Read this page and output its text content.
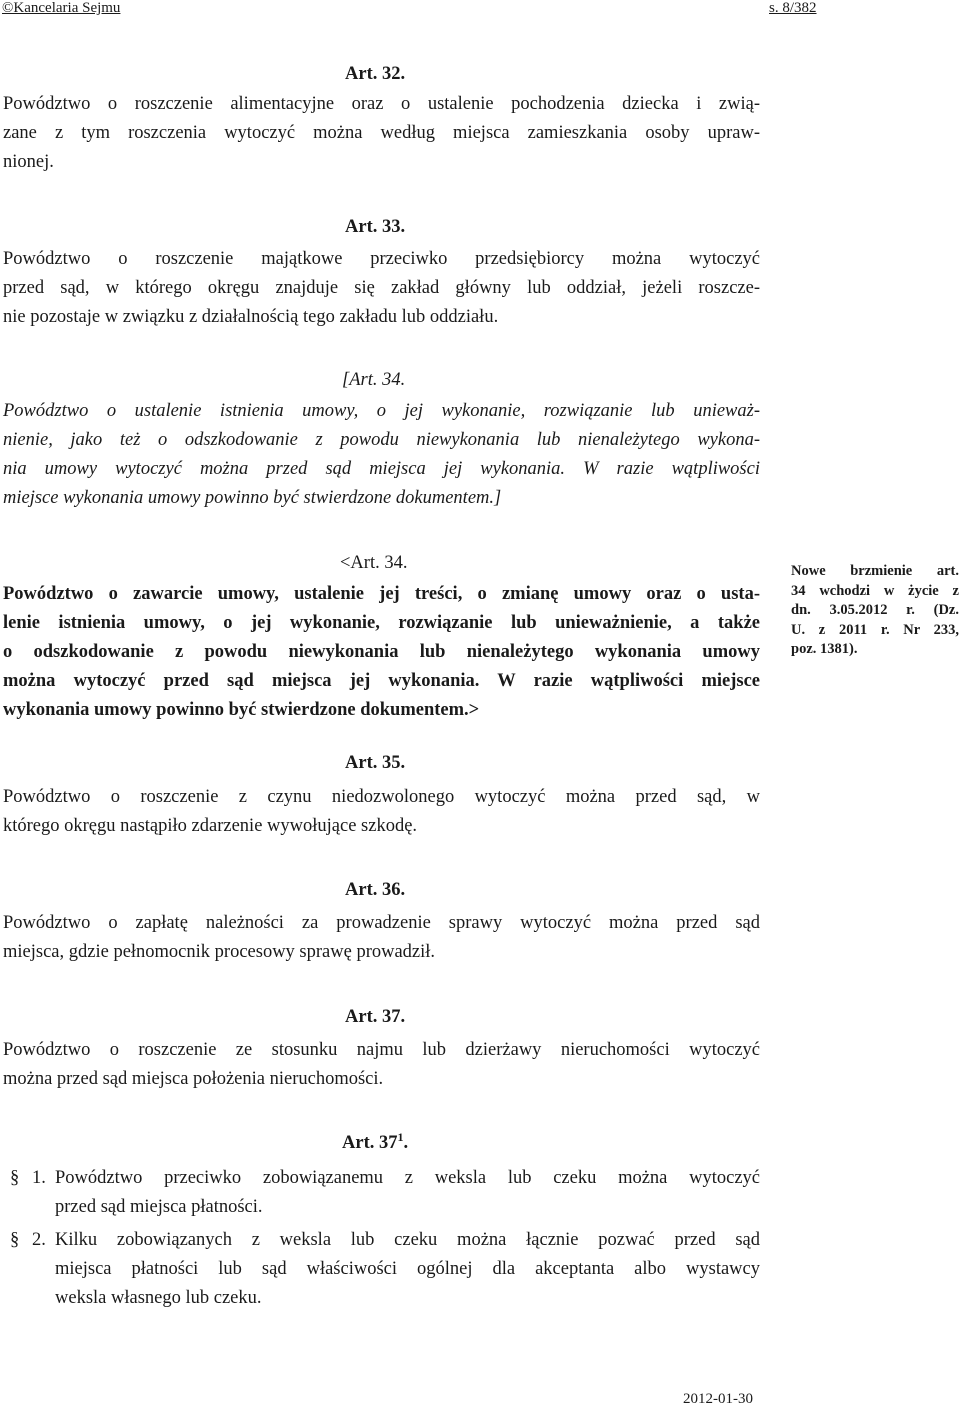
©Kancelaria Sejmu	s. 8/382
Art. 32.
Powództwo o roszczenie alimentacyjne oraz o ustalenie pochodzenia dziecka i zwią-
zane z tym roszczenia wytoczyć można według miejsca zamieszkania osoby upraw-
nionej.
Art. 33.
Powództwo o roszczenie majątkowe przeciwko przedsiębiorcy można wytoczyć
przed sąd, w którego okręgu znajduje się zakład główny lub oddział, jeżeli roszcze-
nie pozostaje w związku z działalnością tego zakładu lub oddziału.
[Art. 34.
Powództwo o ustalenie istnienia umowy, o jej wykonanie, rozwiązanie lub unieważ-
nienie, jako też o odszkodowanie z powodu niewykonania lub nienależytego wykona-
nia umowy wytoczyć można przed sąd miejsca jej wykonania. W razie wątpliwości
miejsce wykonania umowy powinno być stwierdzone dokumentem.]
<Art. 34.
Powództwo o zawarcie umowy, ustalenie jej treści, o zmianę umowy oraz o usta-
lenie istnienia umowy, o jej wykonanie, rozwiązanie lub unieważnienie, a także
o odszkodowanie z powodu niewykonania lub nienależytego wykonania umowy
można wytoczyć przed sąd miejsca jej wykonania. W razie wątpliwości miejsce
wykonania umowy powinno być stwierdzone dokumentem.>
Nowe brzmienie art.
34 wchodzi w życie z
dn. 3.05.2012 r. (Dz.
U. z 2011 r. Nr 233,
poz. 1381).
Art. 35.
Powództwo o roszczenie z czynu niedozwolonego wytoczyć można przed sąd, w
którego okręgu nastąpiło zdarzenie wywołujące szkodę.
Art. 36.
Powództwo o zapłatę należności za prowadzenie sprawy wytoczyć można przed sąd
miejsca, gdzie pełnomocnik procesowy sprawę prowadził.
Art. 37.
Powództwo o roszczenie ze stosunku najmu lub dzierżawy nieruchomości wytoczyć
można przed sąd miejsca położenia nieruchomości.
Art. $37^1$.
§ 1. Powództwo przeciwko zobowiązanemu z weksla lub czeku można wytoczyć
przed sąd miejsca płatności.
§ 2. Kilku zobowiązanych z weksla lub czeku można łącznie pozwać przed sąd
miejsca płatności lub sąd właściwości ogólnej dla akceptanta albo wystawcy
weksla własnego lub czeku.
2012-01-30
